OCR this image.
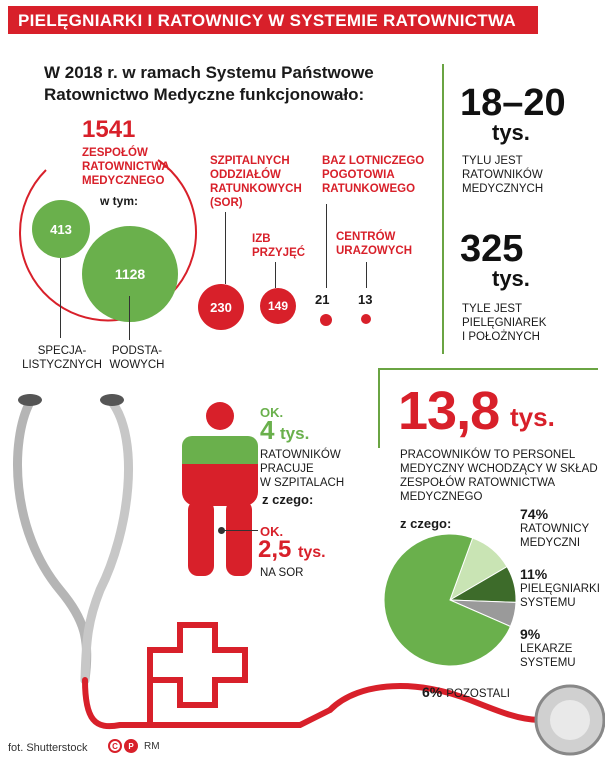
PIELĘGNIARKI I RATOWNICY W SYSTEMIE RATOWNICTWA
W 2018 r. w ramach Systemu Państwowe
Ratownictwo Medyczne funkcjonowało:
1541
ZESPOŁÓW
RATOWNICTWA
MEDYCZNEGO
w tym:
413
1128
SPECJA-
LISTYCZNYCH
PODSTA-
WOWYCH
SZPITALNYCH
ODDZIAŁÓW
RATUNKOWYCH
(SOR)
230
IZB
PRZYJĘĆ
149
BAZ LOTNICZEGO
POGOTOWIA
RATUNKOWEGO
21
CENTRÓW
URAZOWYCH
13
18–20
tys.
TYLU JEST
RATOWNIKÓW
MEDYCZNYCH
325
tys.
TYLE JEST
PIELĘGNIAREK
I POŁOŻNYCH
OK.
4 tys.
RATOWNIKÓW
PRACUJE
W SZPITALACH
z czego:
OK.
2,5 tys.
NA SOR
13,8 tys.
PRACOWNIKÓW TO PERSONEL
MEDYCZNY WCHODZĄCY W SKŁAD
ZESPOŁÓW RATOWNICTWA
MEDYCZNEGO
z czego:
74%
RATOWNICY
MEDYCZNI
11%
PIELĘGNIARKI
SYSTEMU
9%
LEKARZE
SYSTEMU
6% POZOSTALI
fot. Shutterstock	C	P	RM
